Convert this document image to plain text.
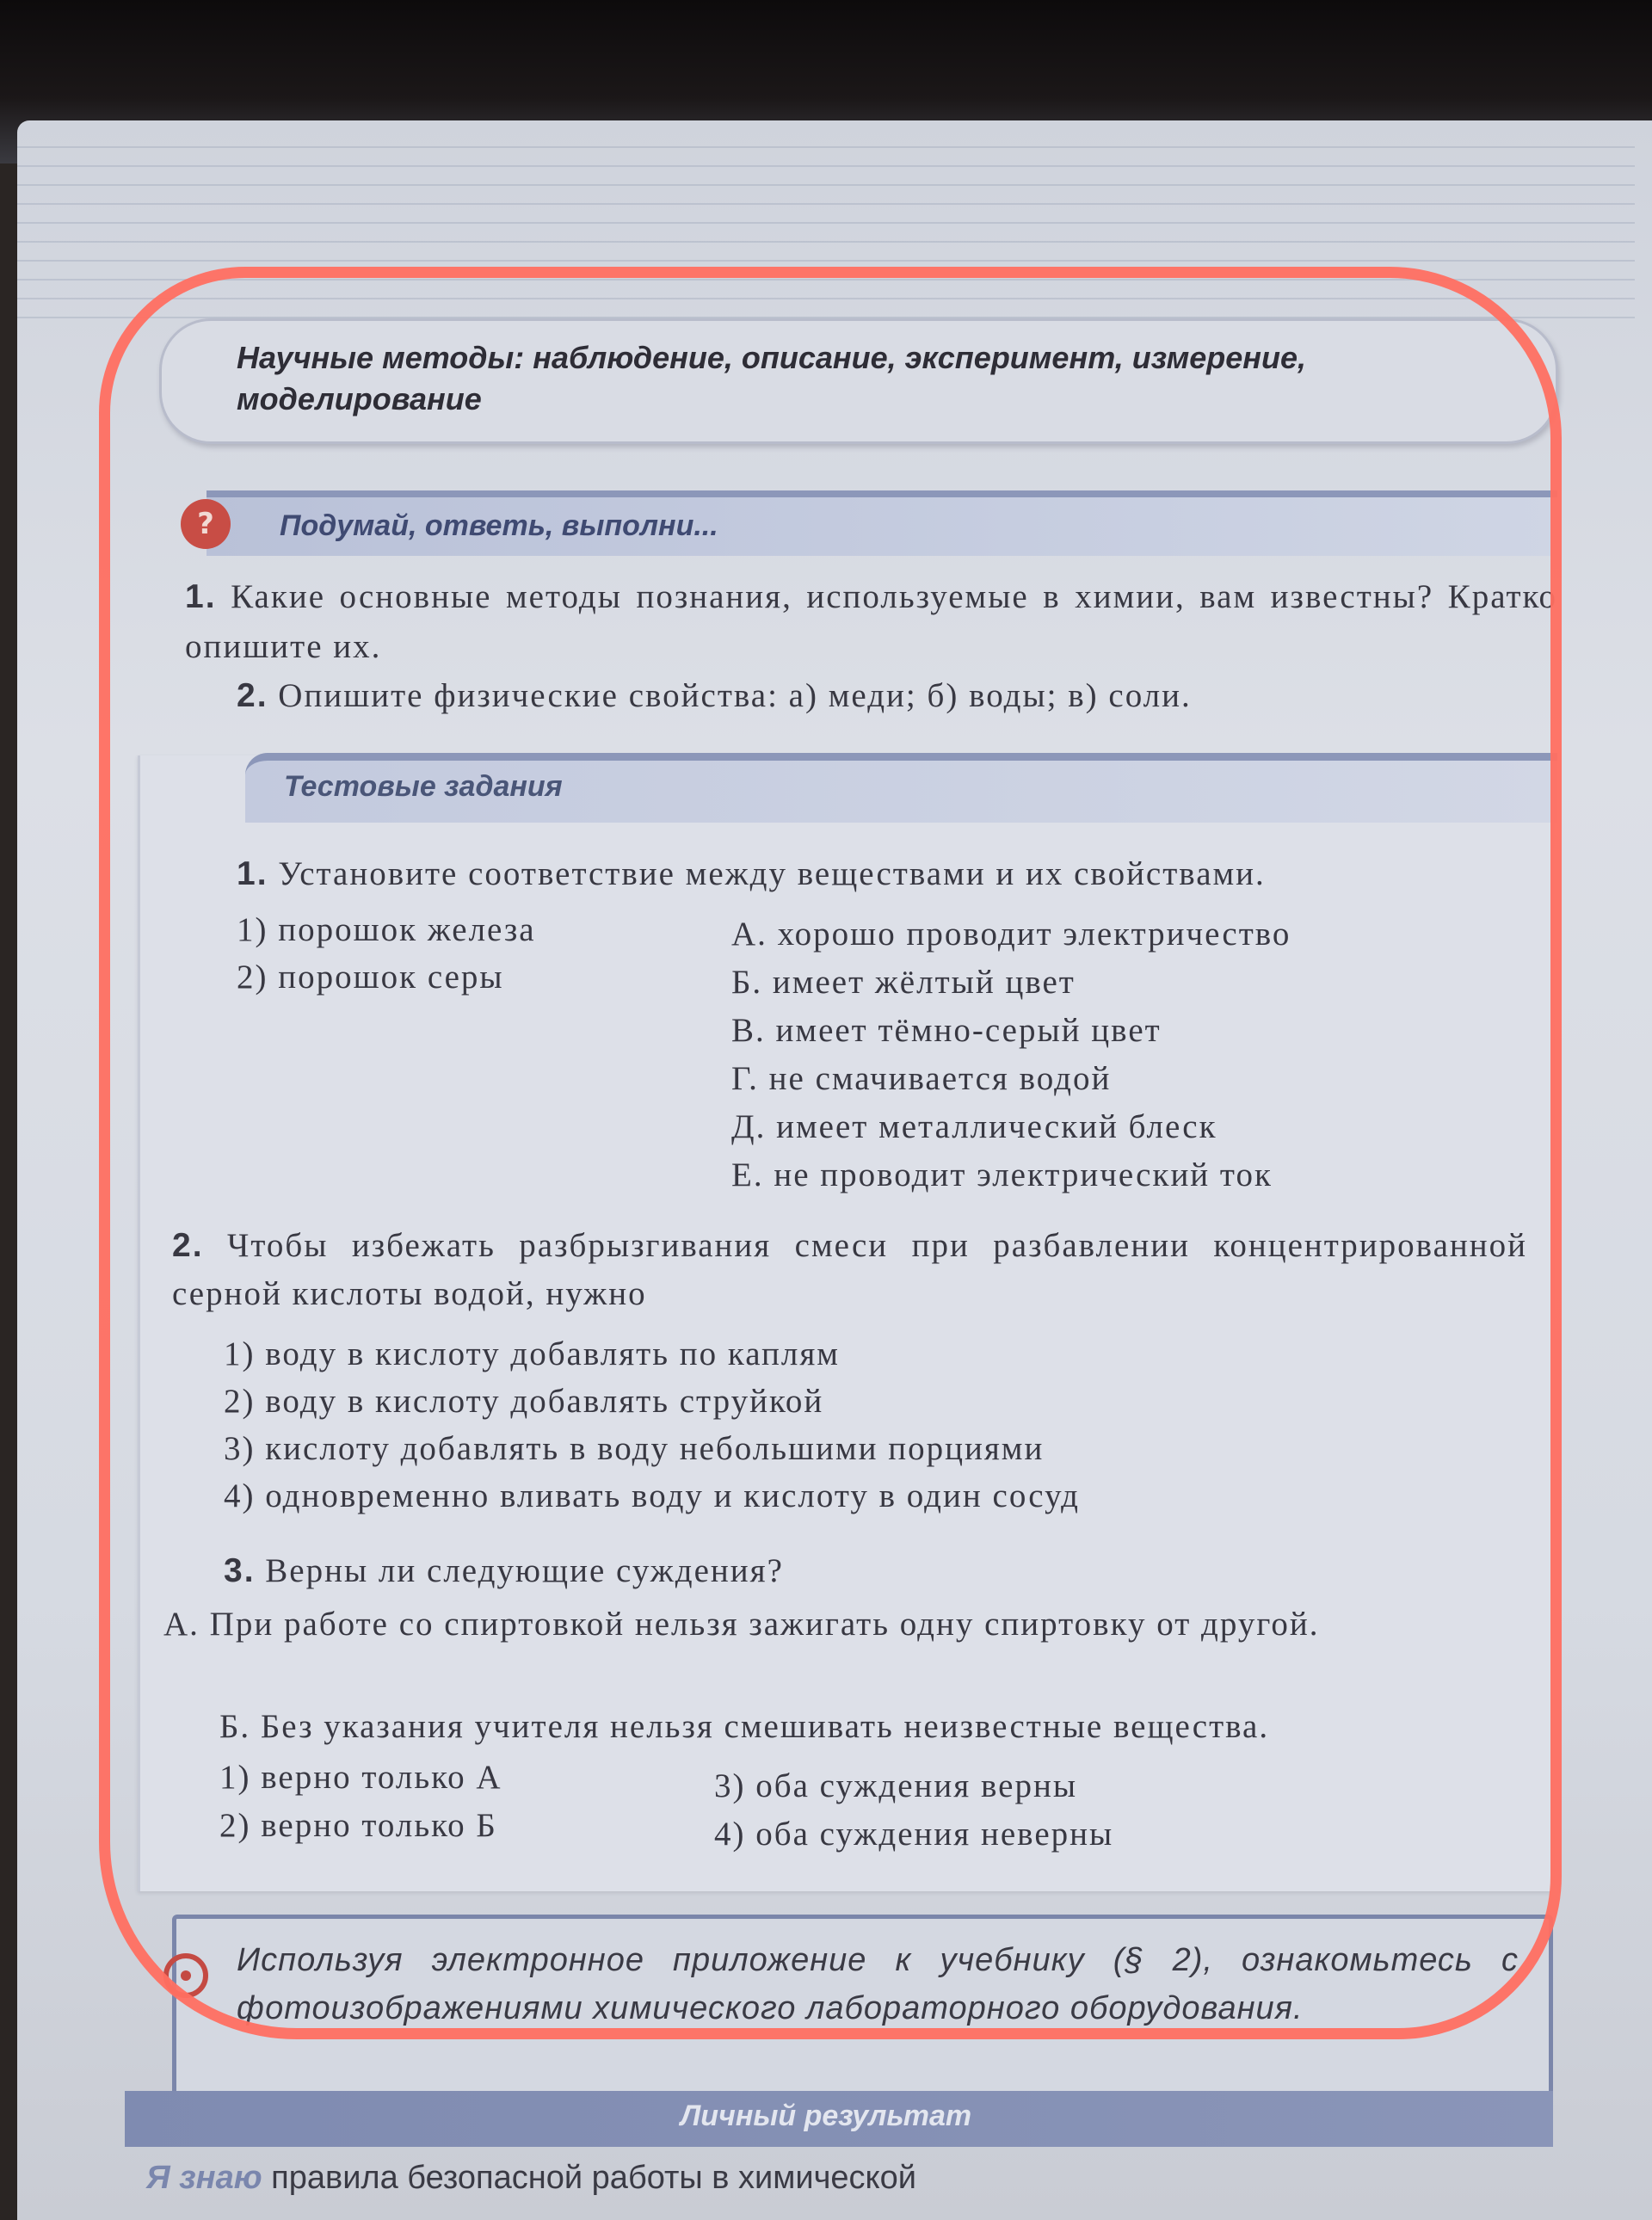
Научные методы: наблюдение, описание, эксперимент, измерение, моделирование

?	Подумай, ответь, выполни...

1. Какие основные методы познания, используемые в химии, вам известны? Кратко опишите их.

2. Опишите физические свойства: а) меди; б) воды; в) соли.

Тестовые задания

1. Установите соответствие между веществами и их свойствами.

1) порошок железа

2) порошок серы

А. хорошо проводит электричество

Б. имеет жёлтый цвет

В. имеет тёмно-серый цвет

Г. не смачивается водой

Д. имеет металлический блеск

Е. не проводит электрический ток

2. Чтобы избежать разбрызгивания смеси при разбавлении концентрированной серной кислоты водой, нужно

1) воду в кислоту добавлять по каплям

2) воду в кислоту добавлять струйкой

3) кислоту добавлять в воду небольшими порциями

4) одновременно вливать воду и кислоту в один сосуд

3. Верны ли следующие суждения?

А. При работе со спиртовкой нельзя зажигать одну спиртовку от другой.

Б. Без указания учителя нельзя смешивать неизвестные вещества.

1) верно только А

2) верно только Б

3) оба суждения верны

4) оба суждения неверны

Используя электронное приложение к учебнику (§ 2), ознакомьтесь с фотоизображениями химического лабораторного оборудования.

Личный результат

Я знаю правила безопасной работы в химической
